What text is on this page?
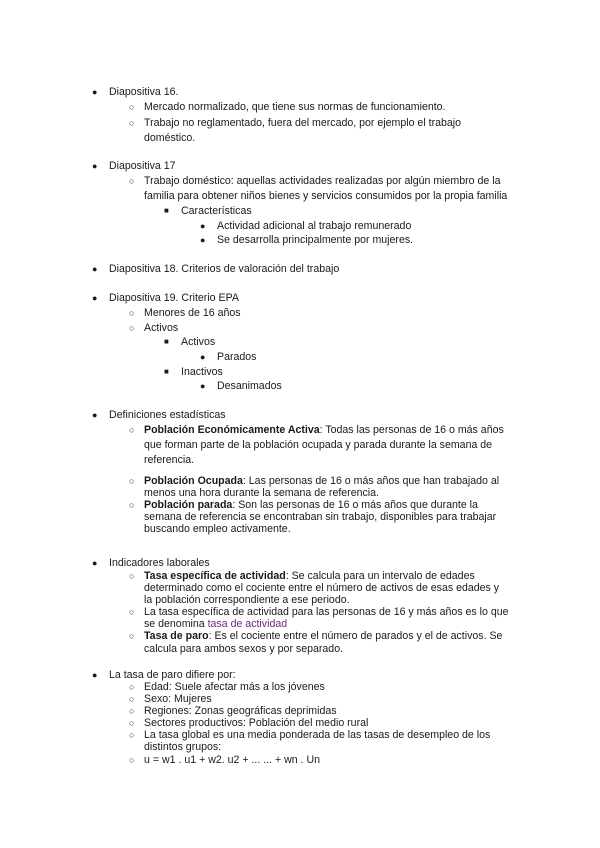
● Diapositiva 16.
○ Mercado normalizado, que tiene sus normas de funcionamiento.
○ Trabajo no reglamentado, fuera del mercado, por ejemplo el trabajo
doméstico.
● Diapositiva 17
○ Trabajo doméstico: aquellas actividades realizadas por algún miembro de la
familia para obtener niños bienes y servicios consumidos por la propia familia
■ Características
● Actividad adicional al trabajo remunerado
● Se desarrolla principalmente por mujeres.
● Diapositiva 18. Criterios de valoración del trabajo
● Diapositiva 19. Criterio EPA
○ Menores de 16 años
○ Activos
■ Activos
● Parados
■ Inactivos
● Desanimados
● Definiciones estadísticas
○ Población Económicamente Activa: Todas las personas de 16 o más años
que forman parte de la población ocupada y parada durante la semana de
referencia.
○ Población Ocupada: Las personas de 16 o más años que han trabajado al
menos una hora durante la semana de referencia.
○ Población parada: Son las personas de 16 o más años que durante la
semana de referencia se encontraban sin trabajo, disponibles para trabajar
buscando empleo activamente.
● Indicadores laborales
○ Tasa específica de actividad: Se calcula para un intervalo de edades
determinado como el cociente entre el número de activos de esas edades y
la población correspondiente a ese periodo.
○ La tasa específica de actividad para las personas de 16 y más años es lo que
se denomina tasa de actividad
○ Tasa de paro: Es el cociente entre el número de parados y el de activos. Se
calcula para ambos sexos y por separado.
● La tasa de paro difiere por:
○ Edad: Suele afectar más a los jóvenes
○ Sexo: Mujeres
○ Regiones: Zonas geográficas deprimidas
○ Sectores productivos: Población del medio rural
○ La tasa global es una media ponderada de las tasas de desempleo de los
distintos grupos:
○ u = w1 . u1 + w2. u2 + ... ... + wn . Un
